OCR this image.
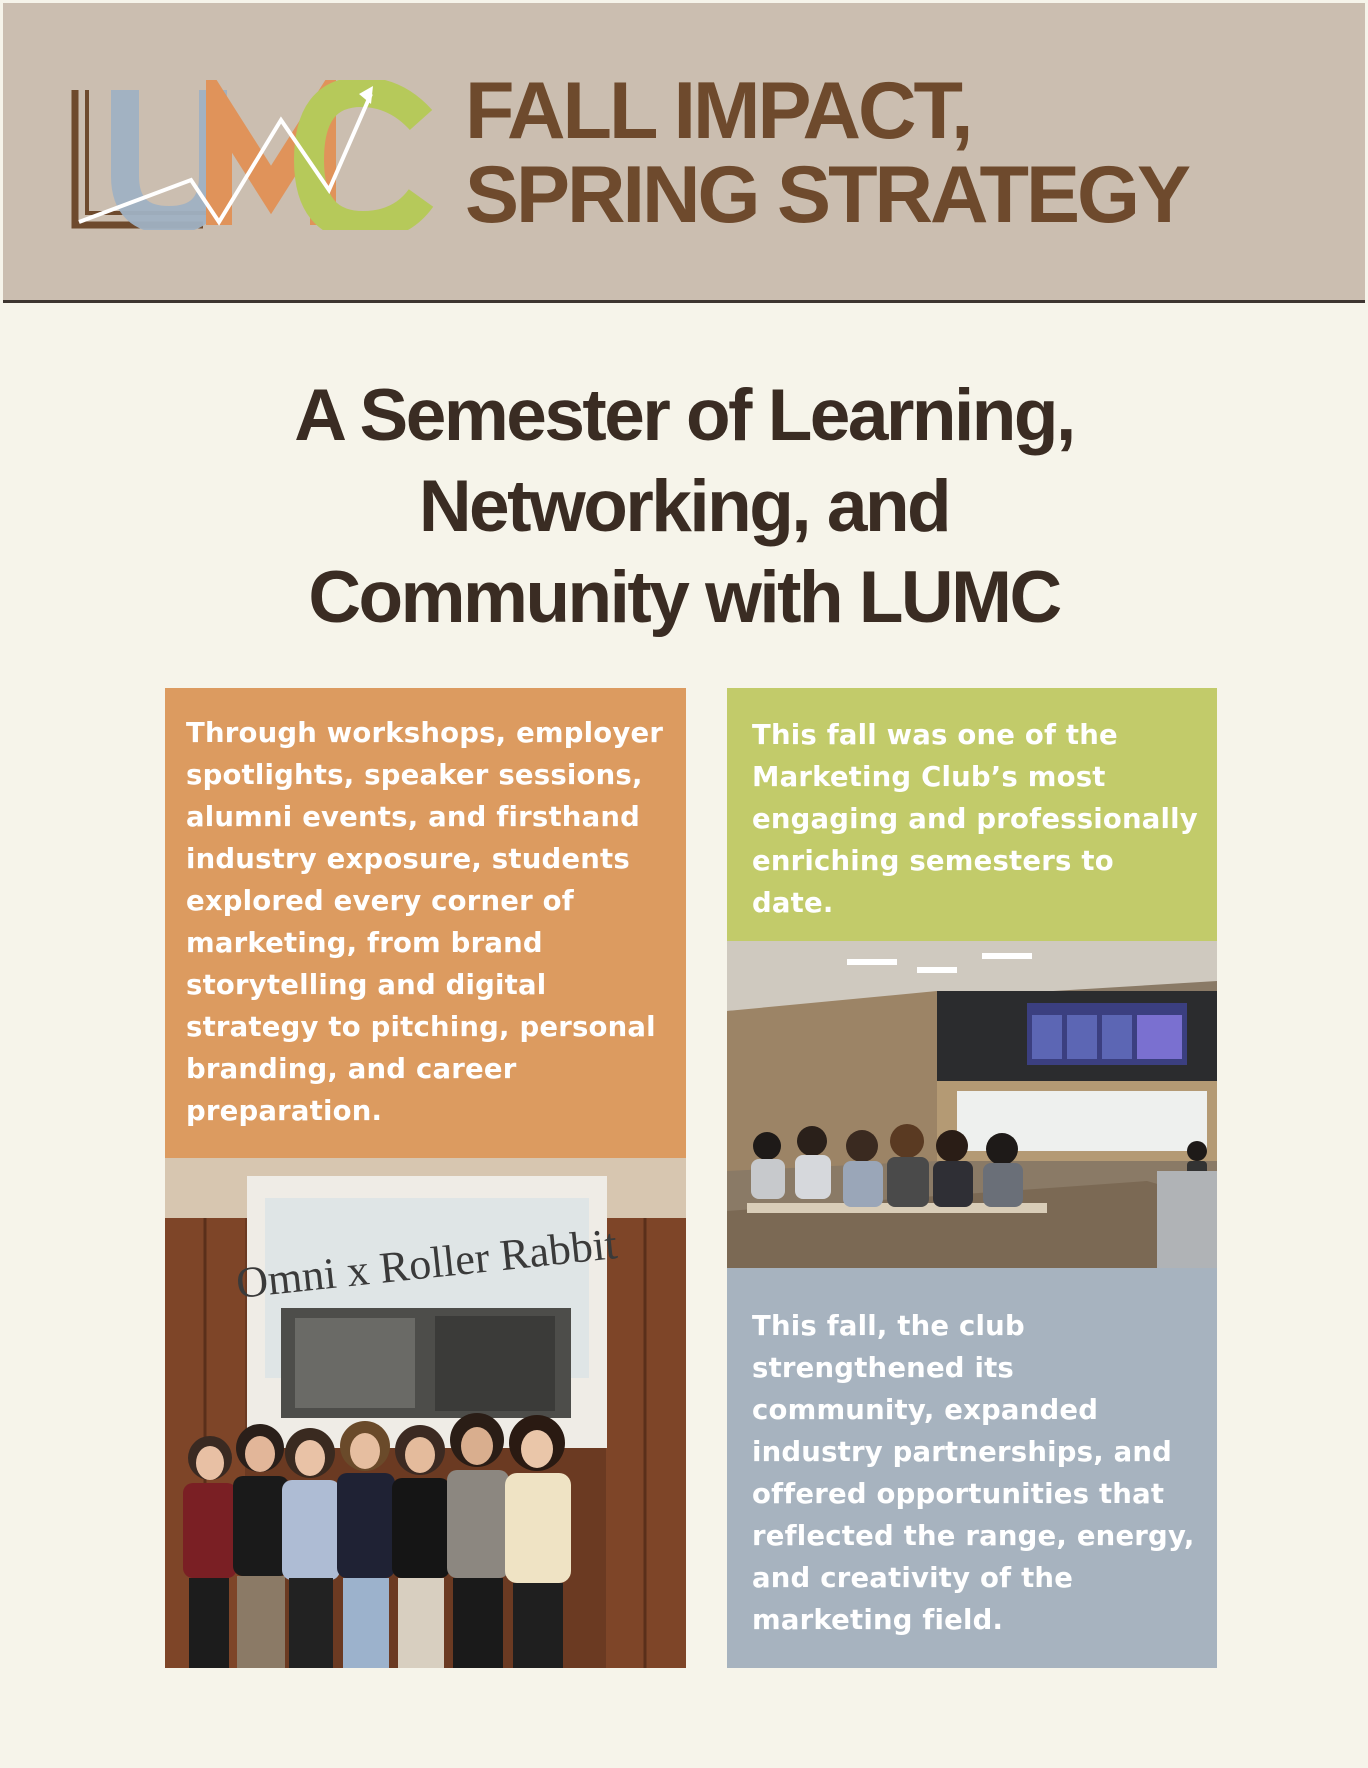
FALL IMPACT,
SPRING STRATEGY
A Semester of Learning,
Networking, and
Community with LUMC

Through workshops, employer spotlights, speaker sessions, alumni events, and firsthand industry exposure, students explored every corner of marketing, from brand storytelling and digital strategy to pitching, personal branding, and career preparation.

Omni x Roller Rabbit

This fall was one of the Marketing Club’s most engaging and professionally enriching semesters to date.

This fall, the club strengthened its community, expanded industry partnerships, and offered opportunities that reflected the range, energy, and creativity of the marketing field.
